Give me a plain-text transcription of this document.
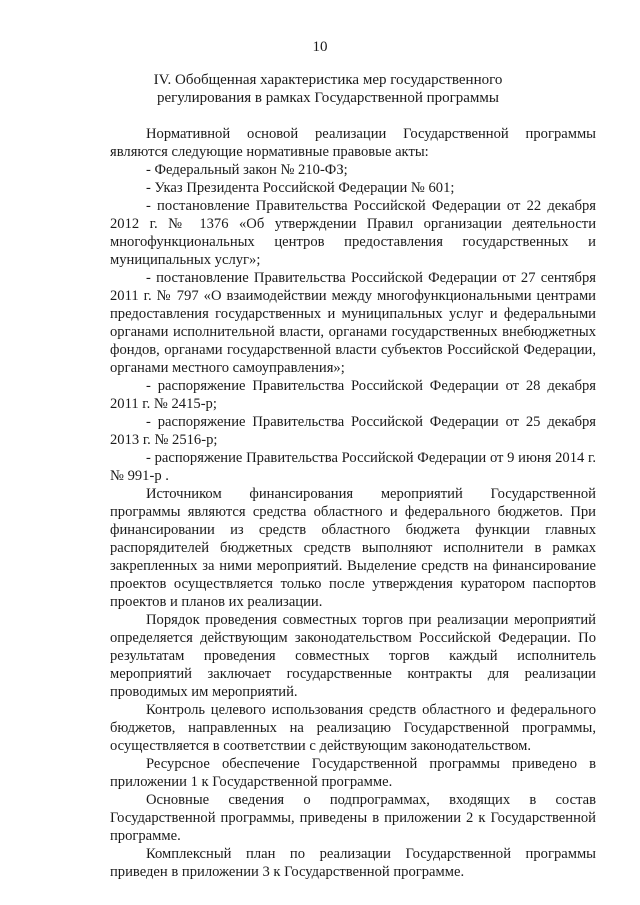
10
IV. Обобщенная характеристика мер государственного
регулирования в рамках Государственной программы

Нормативной основой реализации Государственной программы являются следующие нормативные правовые акты:

- Федеральный закон № 210-ФЗ;

- Указ Президента Российской Федерации № 601;

- постановление Правительства Российской Федерации от 22 декабря 2012 г. № 1376 «Об утверждении Правил организации деятельности многофункциональных центров предоставления государственных и муниципальных услуг»;

- постановление Правительства Российской Федерации от 27 сентября 2011 г. № 797 «О взаимодействии между многофункциональными центрами предоставления государственных и муниципальных услуг и федеральными органами исполнительной власти, органами государственных внебюджетных фондов, органами государственной власти субъектов Российской Федерации, органами местного самоуправления»;

- распоряжение Правительства Российской Федерации от 28 декабря 2011 г. № 2415-р;

- распоряжение Правительства Российской Федерации от 25 декабря 2013 г. № 2516-р;

- распоряжение Правительства Российской Федерации от 9 июня 2014 г. № 991-р .

Источником финансирования мероприятий Государственной программы являются средства областного и федерального бюджетов. При финансировании из средств областного бюджета функции главных распорядителей бюджетных средств выполняют исполнители в рамках закрепленных за ними мероприятий. Выделение средств на финансирование проектов осуществляется только после утверждения куратором паспортов проектов и планов их реализации.

Порядок проведения совместных торгов при реализации мероприятий определяется действующим законодательством Российской Федерации. По результатам проведения совместных торгов каждый исполнитель мероприятий заключает государственные контракты для реализации проводимых им мероприятий.

Контроль целевого использования средств областного и федерального бюджетов, направленных на реализацию Государственной программы, осуществляется в соответствии с действующим законодательством.

Ресурсное обеспечение Государственной программы приведено в приложении 1 к Государственной программе.

Основные сведения о подпрограммах, входящих в состав Государственной программы, приведены в приложении 2 к Государственной программе.

Комплексный план по реализации Государственной программы приведен в приложении 3 к Государственной программе.
